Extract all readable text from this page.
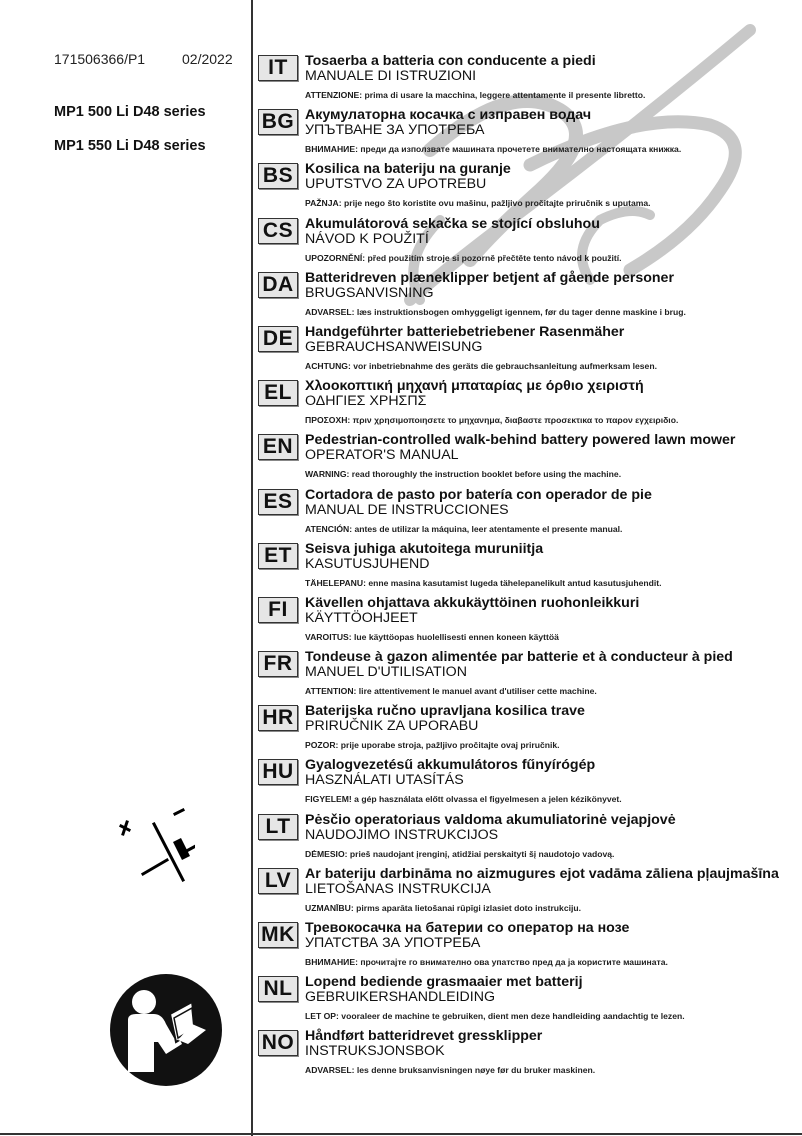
171506366/P1	02/2022
MP1 500 Li D48 series
MP1 550 Li D48 series
IT	Tosaerba a batteria con conducente a piedi
MANUALE DI ISTRUZIONI
ATTENZIONE: prima di usare la macchina, leggere attentamente il presente libretto.
BG Акумулаторна косачка с изправен водач
УПЪТВАНЕ ЗА УПОТРЕБА
ВНИМАНИЕ: преди да използвате машината прочетете внимателно настоящата книжка.
BS Kosilica na bateriju na guranje
UPUTSTVO ZA UPOTREBU
PAŽNJA: prije nego što koristite ovu mašinu, pažljivo pročitajte priručnik s uputama.
CS Akumulátorová sekačka se stojící obsluhou
NÁVOD K POUŽITÍ
UPOZORNĚNÍ: před použitím stroje si pozorně přečtěte tento návod k použití.
DA Batteridreven plæneklipper betjent af gående personer
BRUGSANVISNING
ADVARSEL: læs instruktionsbogen omhyggeligt igennem, før du tager denne maskine i brug.
DE Handgeführter batteriebetriebener Rasenmäher
GEBRAUCHSANWEISUNG
ACHTUNG: vor inbetriebnahme des geräts die gebrauchsanleitung aufmerksam lesen.
EL Χλοοκοπτική μηχανή μπαταρίας με όρθιο χειριστή
ΟΔΗΓΙΕΣ ΧΡΗΣΠΣ
ΠΡΟΣΟΧΗ: πριν χρησιμοποιησετε το μηχανημα, διαβαστε προσεκτικα το παρον εγχειριδιο.
EN Pedestrian-controlled walk-behind battery powered lawn mower
OPERATOR'S MANUAL
WARNING: read thoroughly the instruction booklet before using the machine.
ES Cortadora de pasto por batería con operador de pie
MANUAL DE INSTRUCCIONES
ATENCIÓN: antes de utilizar la máquina, leer atentamente el presente manual.
ET Seisva juhiga akutoitega muruniitja
KASUTUSJUHEND
TÄHELEPANU: enne masina kasutamist lugeda tähelepanelikult antud kasutusjuhendit.
FI	Kävellen ohjattava akkukäyttöinen ruohonleikkuri
KÄYTTÖOHJEET
VAROITUS: lue käyttöopas huolellisesti ennen koneen käyttöä
FR Tondeuse à gazon alimentée par batterie et à conducteur à pied
MANUEL D'UTILISATION
ATTENTION: lire attentivement le manuel avant d'utiliser cette machine.
HR Baterijska ručno upravljana kosilica trave
PRIRUČNIK ZA UPORABU
POZOR: prije uporabe stroja, pažljivo pročitajte ovaj priručnik.
HU Gyalogvezetésű akkumulátoros fűnyírógép
HASZNÁLATI UTASÍTÁS
FIGYELEM! a gép használata előtt olvassa el figyelmesen a jelen kézikönyvet.
LT	Pėsčio operatoriaus valdoma akumuliatorinė vejapjovė
NAUDOJIMO INSTRUKCIJOS
DĖMESIO: prieš naudojant įrenginį, atidžiai perskaityti šį naudotojo vadovą.
LV Ar bateriju darbināma no aizmugures ejot vadāma zāliena pļaujmašīna
LIETOŠANAS INSTRUKCIJA
UZMANĪBU: pirms aparāta lietošanai rūpīgi izlasiet doto instrukciju.
MK Тревокосачка на батерии со оператор на нозе
УПАТСТВА ЗА УПОТРЕБА
ВНИМАНИЕ: прочитајте го внимателно ова упатство пред да ја користите машината.
NL Lopend bediende grasmaaier met batterij
GEBRUIKERSHANDLEIDING
LET OP: vooraleer de machine te gebruiken, dient men deze handleiding aandachtig te lezen.
NO Håndført batteridrevet gressklipper
INSTRUKSJONSBOK
ADVARSEL: les denne bruksanvisningen nøye før du bruker maskinen.
